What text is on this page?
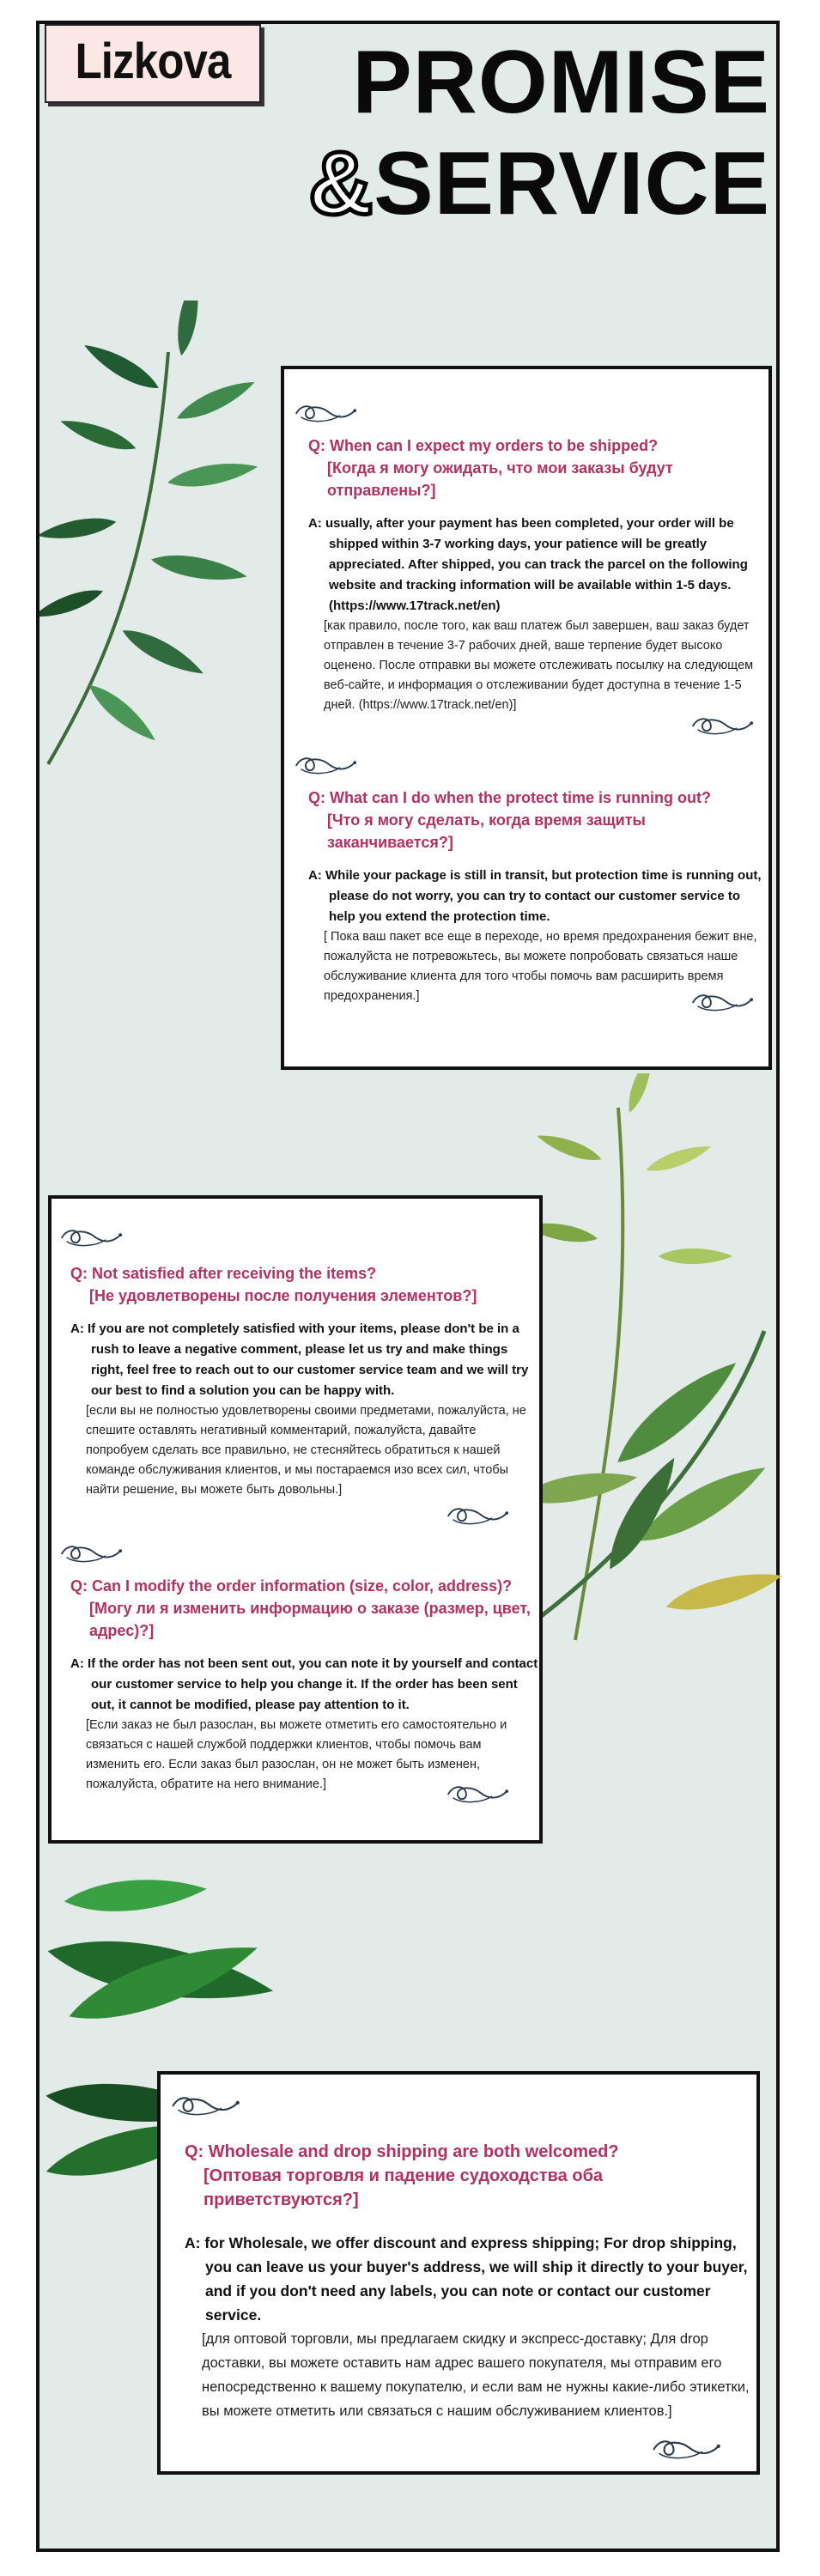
Lizkova PROMISE
&SERVICE

Q: When can I expect my orders to be shipped?
[Когда я могу ожидать, что мои заказы будут отправлены?]

A: usually, after your payment has been completed, your order will be shipped within 3-7 working days, your patience will be greatly appreciated. After shipped, you can track the parcel on the following website and tracking information will be available within 1-5 days. (https://www.17track.net/en)

[как правило, после того, как ваш платеж был завершен, ваш заказ будет отправлен в течение 3-7 рабочих дней, ваше терпение будет высоко оценено. После отправки вы можете отслеживать посылку на следующем веб-сайте, и информация о отслеживании будет доступна в течение 1-5 дней. (https://www.17track.net/en)]

Q: What can I do when the protect time is running out?
[Что я могу сделать, когда время защиты заканчивается?]

A: While your package is still in transit, but protection time is running out, please do not worry, you can try to contact our customer service to help you extend the protection time.

[ Пока ваш пакет все еще в переходе, но время предохранения бежит вне, пожалуйста не потревожьтесь, вы можете попробовать связаться наше обслуживание клиента для того чтобы помочь вам расширить время предохранения.]

Q: Not satisfied after receiving the items?
[Не удовлетворены после получения элементов?]

A: If you are not completely satisfied with your items, please don't be in a rush to leave a negative comment, please let us try and make things right, feel free to reach out to our customer service team and we will try our best to find a solution you can be happy with.

[если вы не полностью удовлетворены своими предметами, пожалуйста, не спешите оставлять негативный комментарий, пожалуйста, давайте попробуем сделать все правильно, не стесняйтесь обратиться к нашей команде обслуживания клиентов, и мы постараемся изо всех сил, чтобы найти решение, вы можете быть довольны.]

Q: Can I modify the order information (size, color, address)?
[Могу ли я изменить информацию о заказе (размер, цвет, адрес)?]

A: If the order has not been sent out, you can note it by yourself and contact our customer service to help you change it. If the order has been sent out, it cannot be modified, please pay attention to it.

[Если заказ не был разослан, вы можете отметить его самостоятельно и связаться с нашей службой поддержки клиентов, чтобы помочь вам изменить его. Если заказ был разослан, он не может быть изменен, пожалуйста, обратите на него внимание.]

Q: Wholesale and drop shipping are both welcomed?
[Оптовая торговля и падение судоходства оба приветствуются?]

A: for Wholesale, we offer discount and express shipping; For drop shipping, you can leave us your buyer's address, we will ship it directly to your buyer, and if you don't need any labels, you can note or contact our customer service.

[для оптовой торговли, мы предлагаем скидку и экспресс-доставку; Для drop доставки, вы можете оставить нам адрес вашего покупателя, мы отправим его непосредственно к вашему покупателю, и если вам не нужны какие-либо этикетки, вы можете отметить или связаться с нашим обслуживанием клиентов.]
